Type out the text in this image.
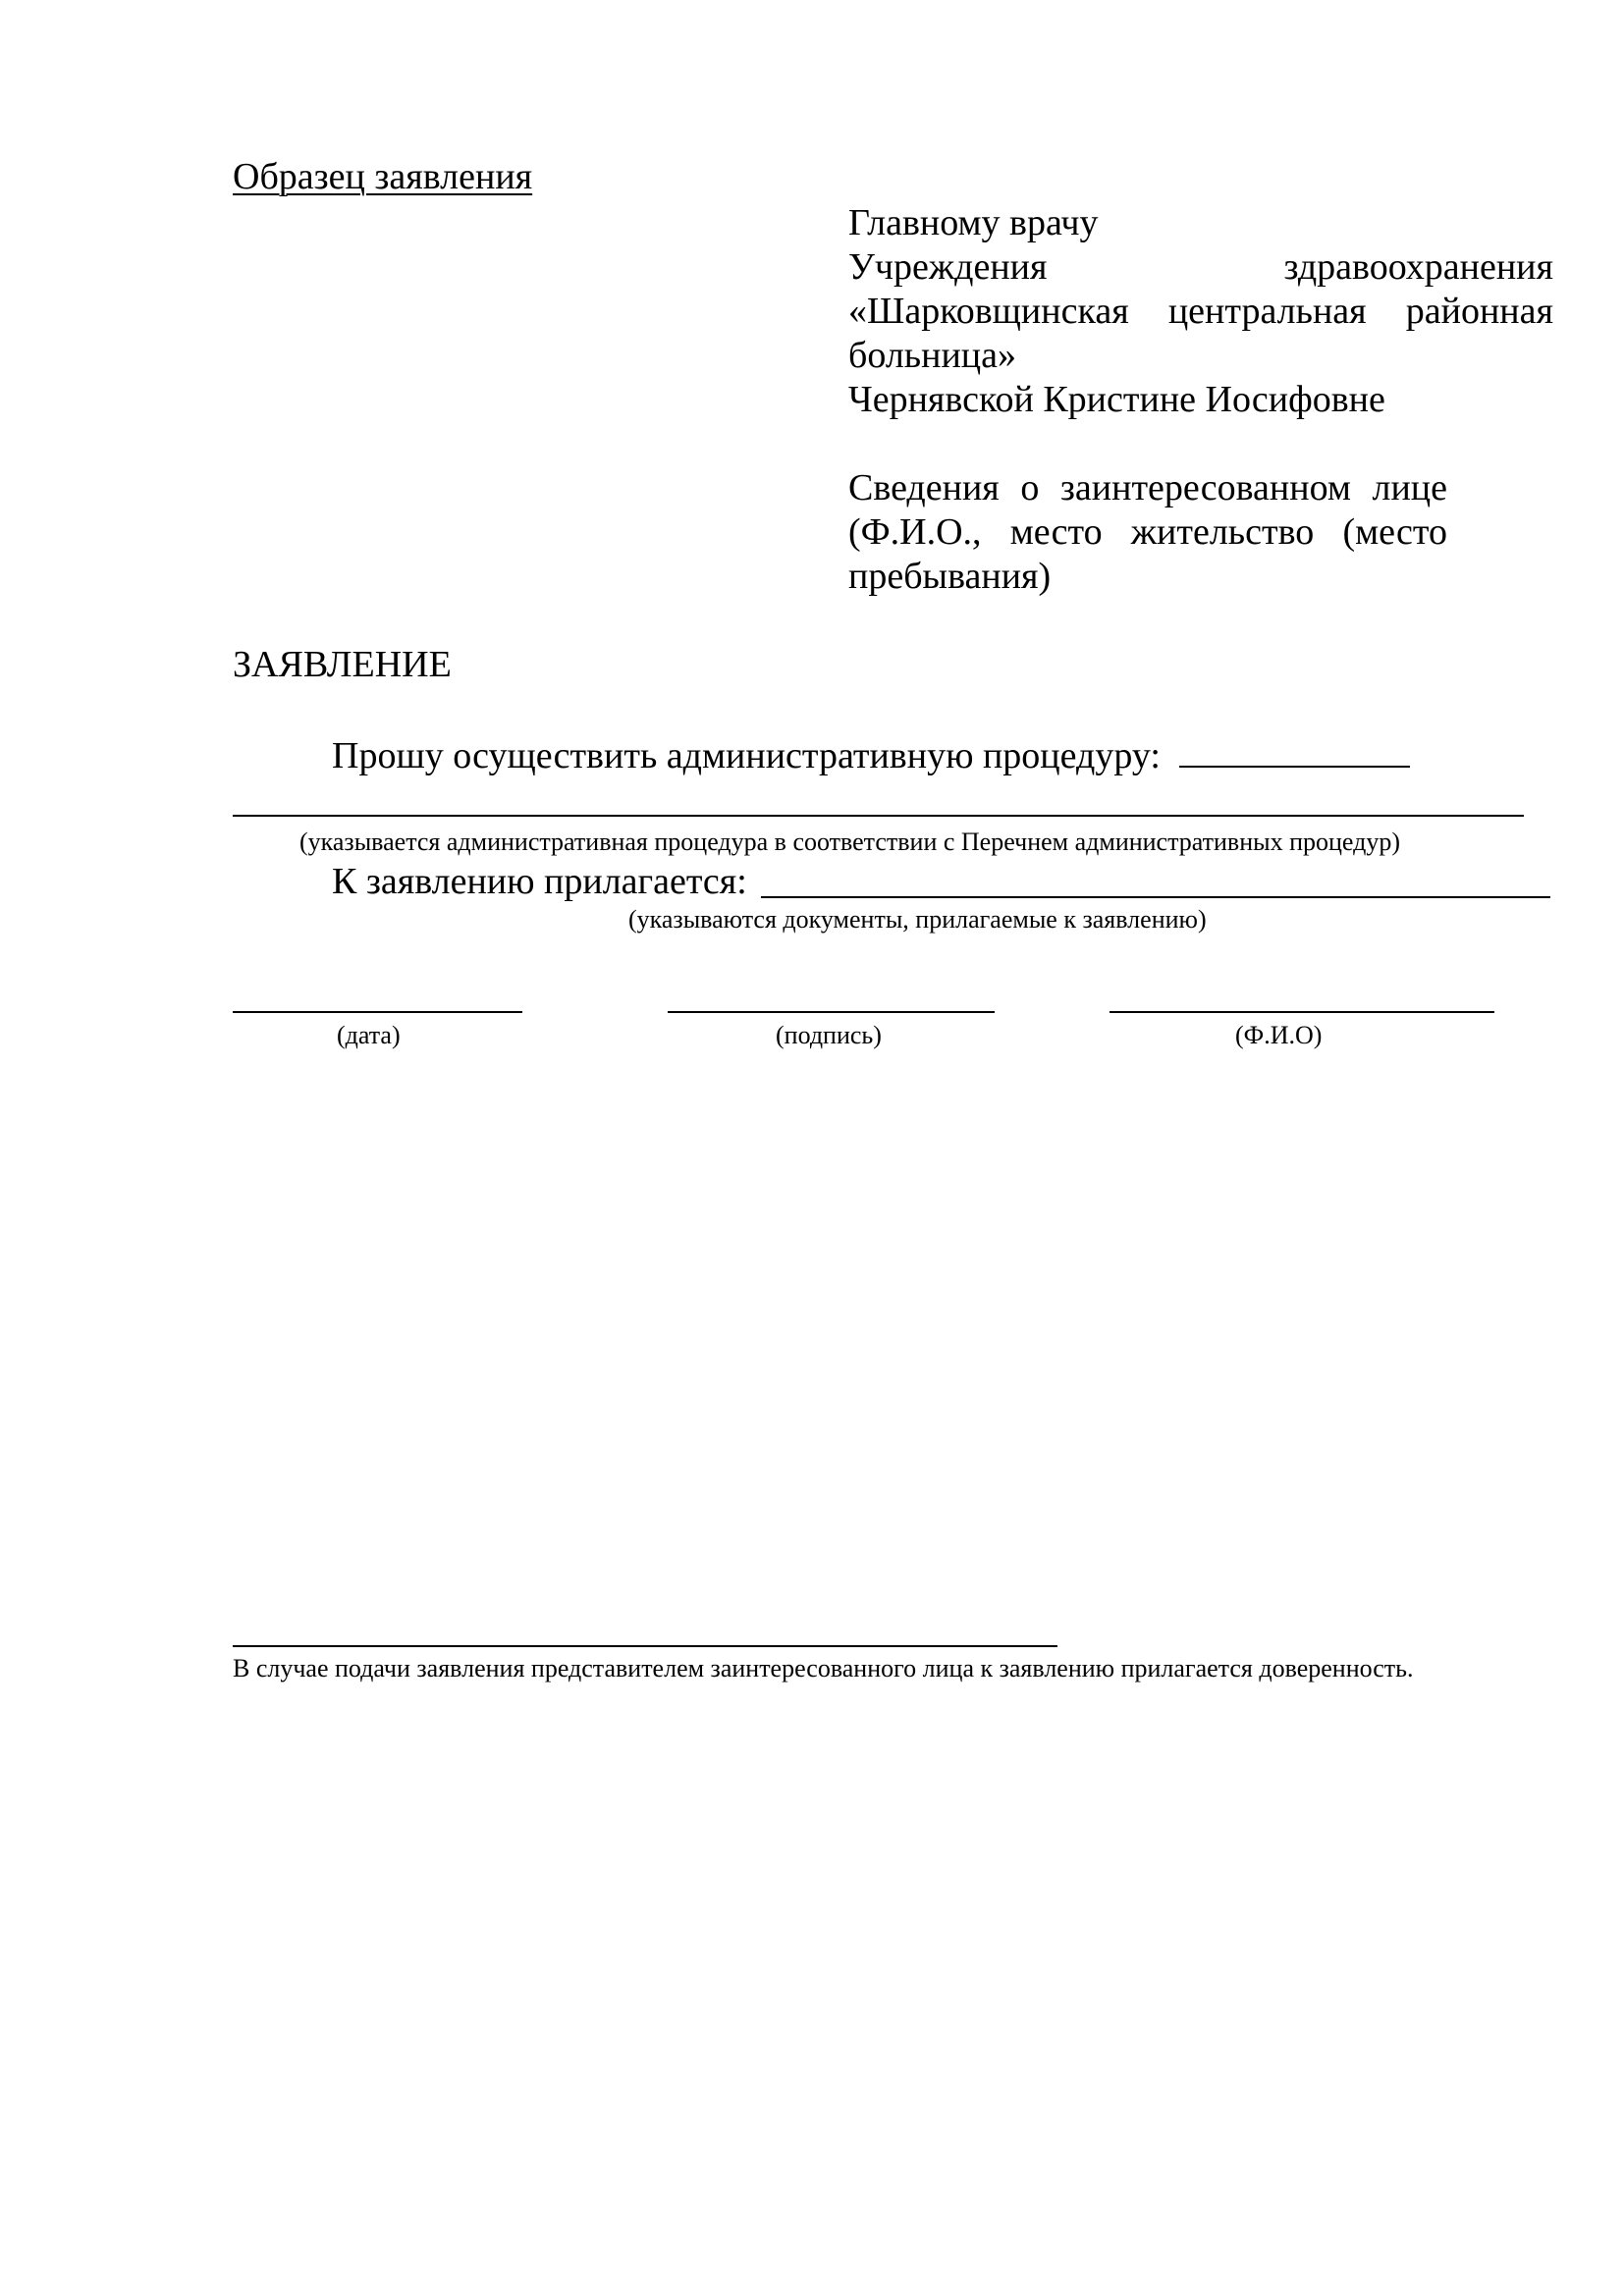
Образец заявления

Главному врачу
Учреждения	здравоохранения
«Шарковщинская центральная районная
больница»
Чернявской Кристине Иосифовне
Сведения о заинтересованном лице
(Ф.И.О., место жительство (место
пребывания)

ЗАЯВЛЕНИЕ

Прошу осуществить административную процедуру:

(указывается административная процедура в соответствии с Перечнем административных процедур)

К заявлению прилагается:

(указываются документы, прилагаемые к заявлению)

(дата)	(подпись)	(Ф.И.О)

В случае подачи заявления представителем заинтересованного лица к заявлению прилагается доверенность.
